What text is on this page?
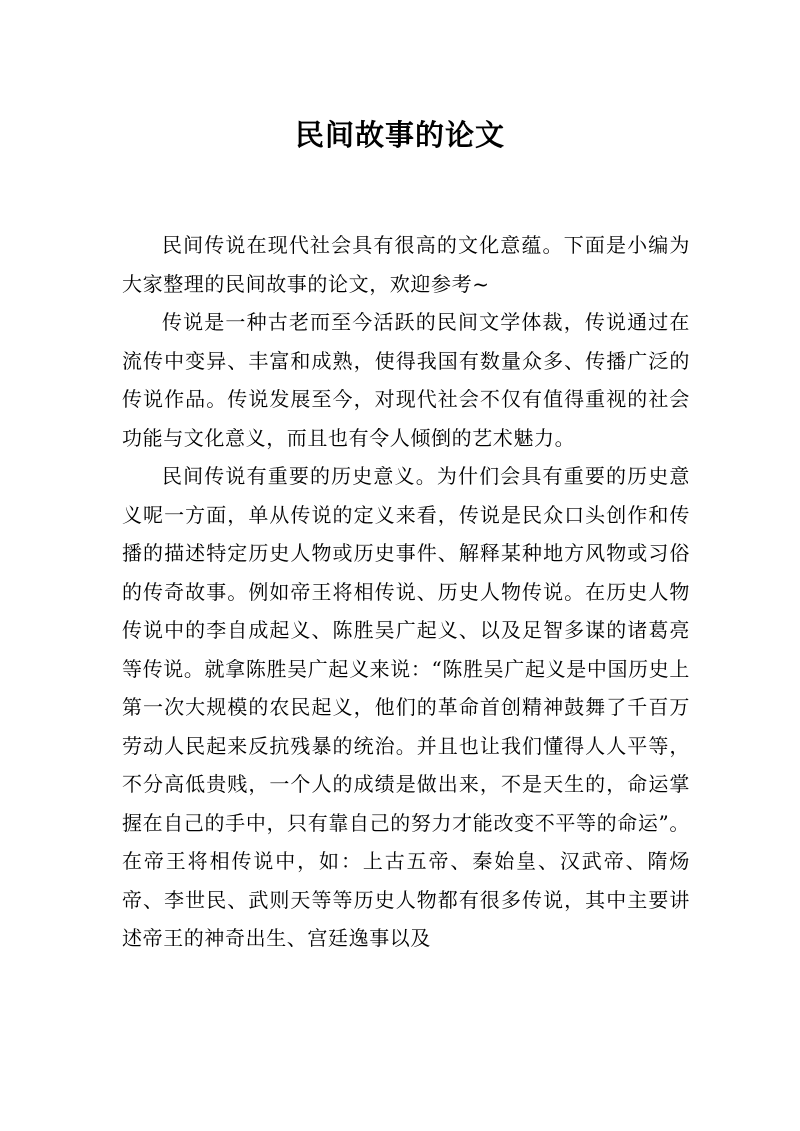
民间故事的论文

民间传说在现代社会具有很高的文化意蕴。下面是小编为大家整理的民间故事的论文，欢迎参考~

传说是一种古老而至今活跃的民间文学体裁，传说通过在流传中变异、丰富和成熟，使得我国有数量众多、传播广泛的传说作品。传说发展至今，对现代社会不仅有值得重视的社会功能与文化意义，而且也有令人倾倒的艺术魅力。

民间传说有重要的历史意义。为什们会具有重要的历史意义呢一方面，单从传说的定义来看，传说是民众口头创作和传播的描述特定历史人物或历史事件、解释某种地方风物或习俗的传奇故事。例如帝王将相传说、历史人物传说。在历史人物传说中的李自成起义、陈胜吴广起义、以及足智多谋的诸葛亮等传说。就拿陈胜吴广起义来说：“陈胜吴广起义是中国历史上第一次大规模的农民起义，他们的革命首创精神鼓舞了千百万劳动人民起来反抗残暴的统治。并且也让我们懂得人人平等，不分高低贵贱，一个人的成绩是做出来，不是天生的，命运掌握在自己的手中，只有靠自己的努力才能改变不平等的命运”。在帝王将相传说中，如：上古五帝、秦始皇、汉武帝、隋炀帝、李世民、武则天等等历史人物都有很多传说，其中主要讲述帝王的神奇出生、宫廷逸事以及
